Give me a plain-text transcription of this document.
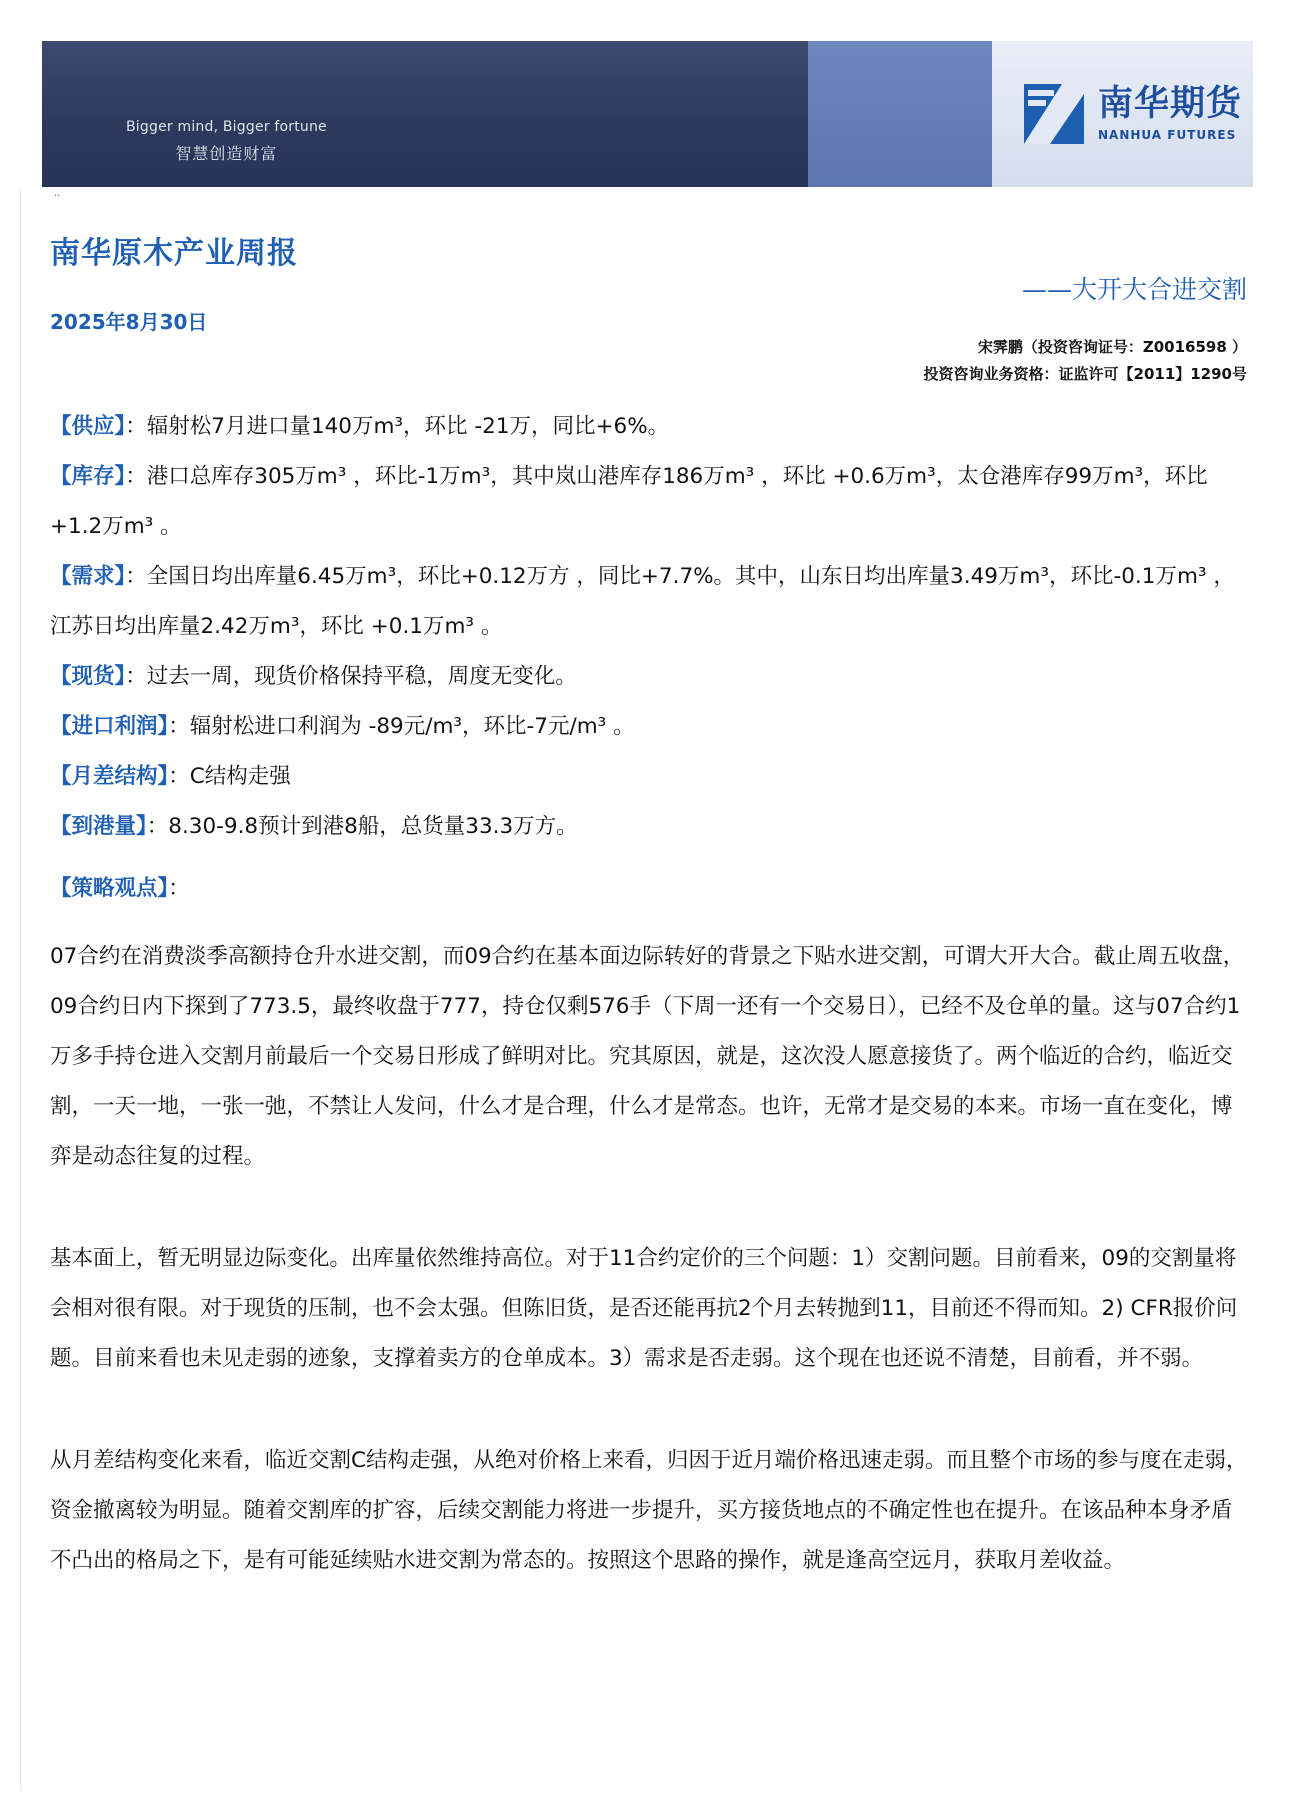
Bigger mind, Bigger fortune
智慧创造财富
南华期货
NANHUA FUTURES
..
南华原木产业周报
——大开大合进交割
2025年8月30日
宋霁鹏（投资咨询证号：Z0016598 ）
投资咨询业务资格：证监许可【2011】1290号

【供应】：辐射松7月进口量140万m³，环比 -21万，同比+6%。

【库存】：港口总库存305万m³ ，环比-1万m³，其中岚山港库存186万m³ ，环比 +0.6万m³，太仓港库存99万m³，环比+1.2万m³ 。

【需求】：全国日均出库量6.45万m³，环比+0.12万方 ，同比+7.7%。其中，山东日均出库量3.49万m³，环比-0.1万m³ ，江苏日均出库量2.42万m³，环比 +0.1万m³ 。

【现货】：过去一周，现货价格保持平稳，周度无变化。

【进口利润】：辐射松进口利润为 -89元/m³，环比-7元/m³ 。

【月差结构】：C结构走强

【到港量】：8.30-9.8预计到港8船，总货量33.3万方。

【策略观点】：

07合约在消费淡季高额持仓升水进交割，而09合约在基本面边际转好的背景之下贴水进交割，可谓大开大合。截止周五收盘，09合约日内下探到了773.5，最终收盘于777，持仓仅剩576手（下周一还有一个交易日），已经不及仓单的量。这与07合约1万多手持仓进入交割月前最后一个交易日形成了鲜明对比。究其原因，就是，这次没人愿意接货了。两个临近的合约，临近交割，一天一地，一张一弛，不禁让人发问，什么才是合理，什么才是常态。也许，无常才是交易的本来。市场一直在变化，博弈是动态往复的过程。

基本面上，暂无明显边际变化。出库量依然维持高位。对于11合约定价的三个问题：1）交割问题。目前看来，09的交割量将会相对很有限。对于现货的压制，也不会太强。但陈旧货，是否还能再抗2个月去转抛到11，目前还不得而知。2) CFR报价问题。目前来看也未见走弱的迹象，支撑着卖方的仓单成本。3）需求是否走弱。这个现在也还说不清楚，目前看，并不弱。

从月差结构变化来看，临近交割C结构走强，从绝对价格上来看，归因于近月端价格迅速走弱。而且整个市场的参与度在走弱，资金撤离较为明显。随着交割库的扩容，后续交割能力将进一步提升，买方接货地点的不确定性也在提升。在该品种本身矛盾不凸出的格局之下，是有可能延续贴水进交割为常态的。按照这个思路的操作，就是逢高空远月，获取月差收益。
